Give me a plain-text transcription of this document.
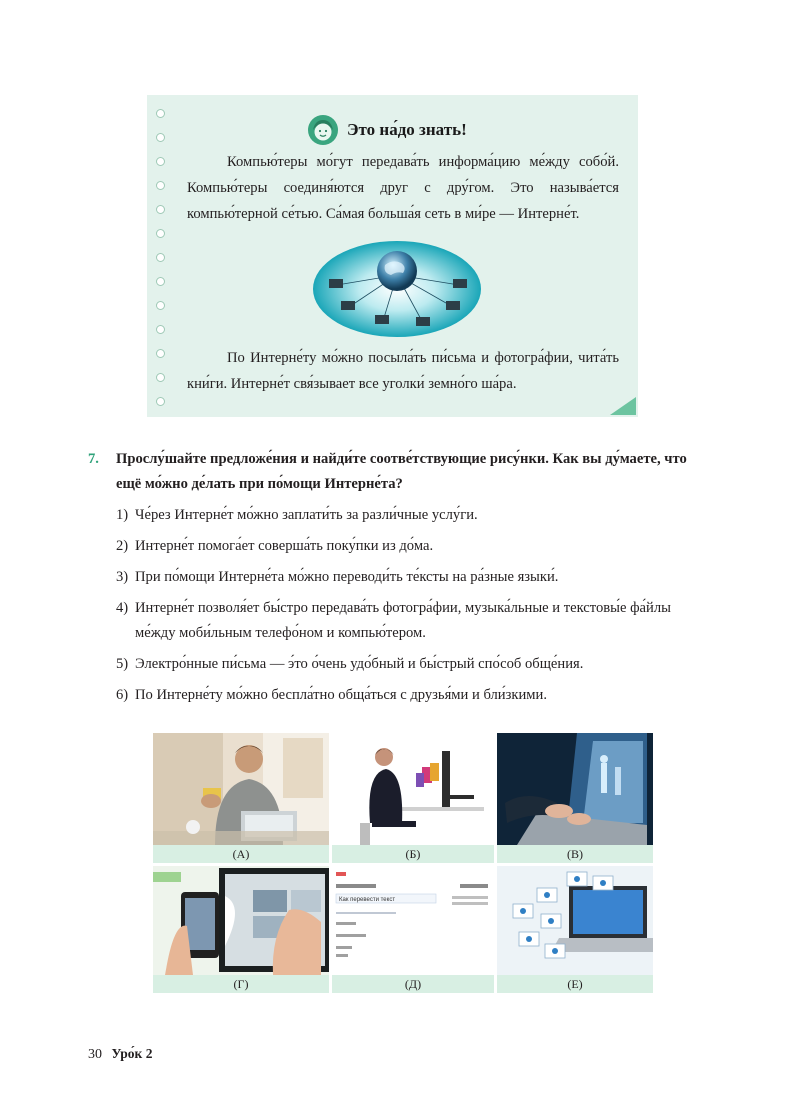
Это на́до знать!

Компью́теры мо́гут передава́ть информа́цию ме́жду собо́й. Компью́теры соединя́ются друг с дру́гом. Это называ́ется компью́терной се́тью. Са́мая больша́я сеть в ми́ре — Интерне́т.

По Интерне́ту мо́жно посыла́ть пи́сьма и фотогра́фии, чита́ть кни́ги. Интерне́т свя́зывает все уголки́ земно́го ша́ра.

7. Прослу́шайте предложе́ния и найди́те соотве́тствующие рису́нки. Как вы ду́маете, что ещё мо́жно де́лать при по́мощи Интерне́та?
1) Че́рез Интерне́т мо́жно заплати́ть за разли́чные услу́ги.
2) Интерне́т помога́ет соверша́ть поку́пки из до́ма.
3) При по́мощи Интерне́та мо́жно переводи́ть те́ксты на ра́зные языки́.
4) Интерне́т позволя́ет бы́стро передава́ть фотогра́фии, музыка́льные и текстовы́е фа́йлы ме́жду моби́льным телефо́ном и компью́тером.
5) Электро́нные пи́сьма — э́то о́чень удо́бный и бы́стрый спо́соб обще́ния.
6) По Интерне́ту мо́жно беспла́тно обща́ться с друзья́ми и бли́зкими.
(А)	(Б)	(В)
(Г)
Как перевести текст
(Д)	(Е)
30 Уро́к 2
